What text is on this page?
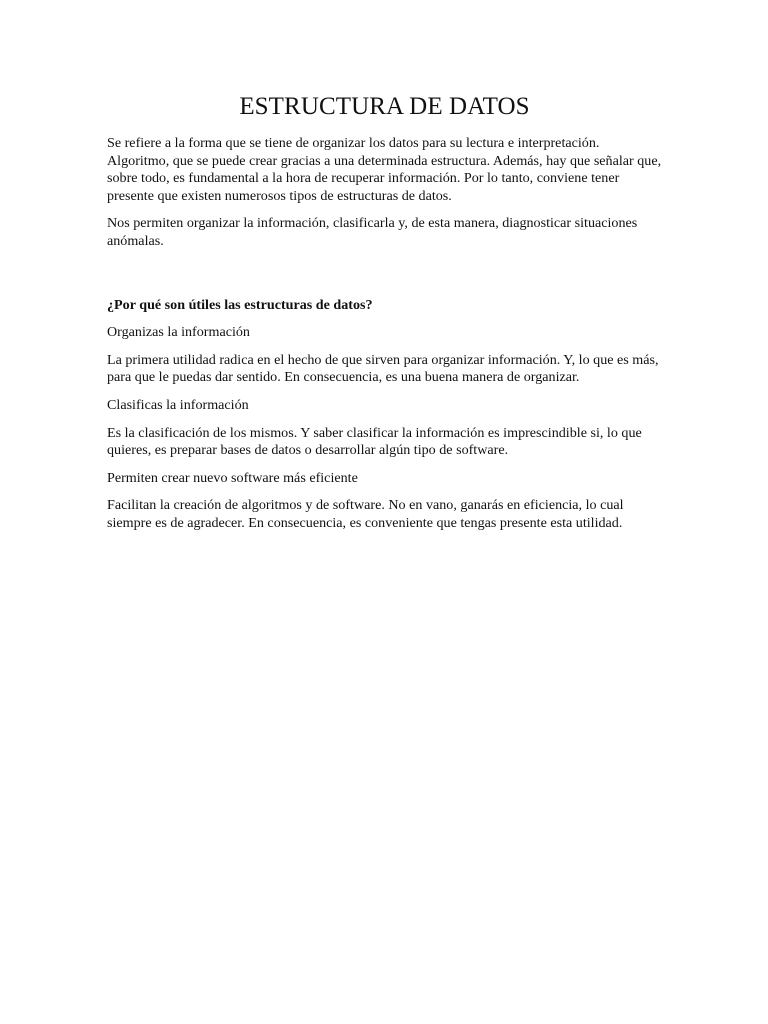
ESTRUCTURA DE DATOS

Se refiere a la forma que se tiene de organizar los datos para su lectura e interpretación. Algoritmo, que se puede crear gracias a una determinada estructura. Además, hay que señalar que, sobre todo, es fundamental a la hora de recuperar información. Por lo tanto, conviene tener presente que existen numerosos tipos de estructuras de datos.

Nos permiten organizar la información, clasificarla y, de esta manera, diagnosticar situaciones anómalas.

¿Por qué son útiles las estructuras de datos?

Organizas la información

La primera utilidad radica en el hecho de que sirven para organizar información. Y, lo que es más, para que le puedas dar sentido. En consecuencia, es una buena manera de organizar.

Clasificas la información

Es la clasificación de los mismos. Y saber clasificar la información es imprescindible si, lo que quieres, es preparar bases de datos o desarrollar algún tipo de software.

Permiten crear nuevo software más eficiente

Facilitan la creación de algoritmos y de software. No en vano, ganarás en eficiencia, lo cual siempre es de agradecer. En consecuencia, es conveniente que tengas presente esta utilidad.
